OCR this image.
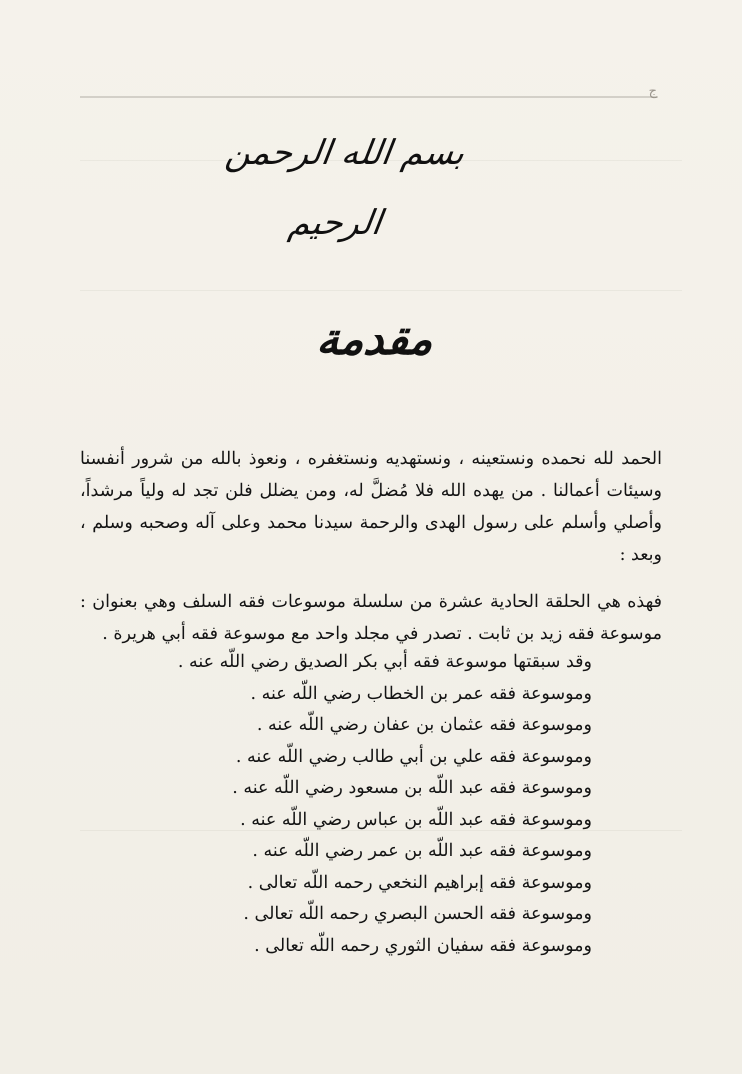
ج
بسم الله الرحمن الرحيم
مقدمة

الحمد لله نحمده ونستعينه ، ونستهديه ونستغفره ، ونعوذ بالله من شرور أنفسنا وسيئات أعمالنا . من يهده الله فلا مُضلَّ له، ومن يضلل فلن تجد له ولياً مرشداً، وأصلي وأسلم على رسول الهدى والرحمة سيدنا محمد وعلى آله وصحبه وسلم ، وبعد :

فهذه هي الحلقة الحادية عشرة من سلسلة موسوعات فقه السلف وهي بعنوان : موسوعة فقه زيد بن ثابت . تصدر في مجلد واحد مع موسوعة فقه أبي هريرة .

وقد سبقتها موسوعة فقه أبي بكر الصديق رضي اللّه عنه .
وموسوعة فقه عمر بن الخطاب رضي اللّه عنه .
وموسوعة فقه عثمان بن عفان رضي اللّه عنه .
وموسوعة فقه علي بن أبي طالب رضي اللّه عنه .
وموسوعة فقه عبد اللّه بن مسعود رضي اللّه عنه .
وموسوعة فقه عبد اللّه بن عباس رضي اللّه عنه .
وموسوعة فقه عبد اللّه بن عمر رضي اللّه عنه .
وموسوعة فقه إبراهيم النخعي رحمه اللّه تعالى .
وموسوعة فقه الحسن البصري رحمه اللّه تعالى .
وموسوعة فقه سفيان الثوري رحمه اللّه تعالى .
